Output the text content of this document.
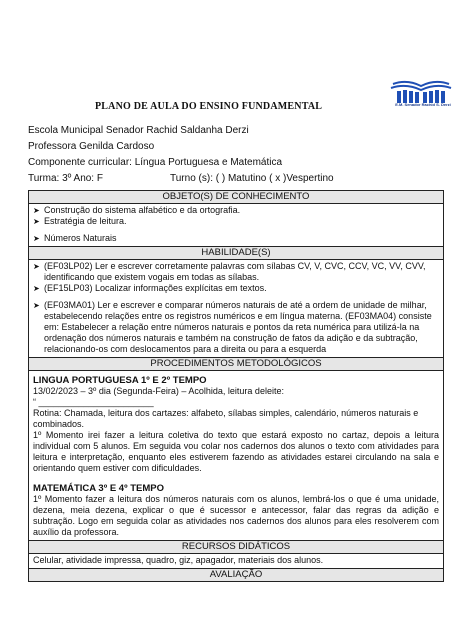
PLANO DE AULA DO ENSINO FUNDAMENTAL	E.M. Senador Rachid S. Derzi
Escola Municipal Senador Rachid Saldanha Derzi
Professora Genilda Cardoso
Componente curricular: Língua Portuguesa e Matemática
Turma: 3º Ano: F	Turno (s): ( ) Matutino ( x )Vespertino
OBJETO(S) DE CONHECIMENTO
➤ Construção do sistema alfabético e da ortografia.
➤ Estratégia de leitura.
➤ Números Naturais
HABILIDADE(S)
➤ (EF03LP02) Ler e escrever corretamente palavras com sílabas CV, V, CVC, CCV, VC, VV, CVV, identificando que existem vogais em todas as sílabas.
➤ (EF15LP03) Localizar informações explícitas em textos.
➤ (EF03MA01) Ler e escrever e comparar números naturais de até a ordem de unidade de milhar, estabelecendo relações entre os registros numéricos e em língua materna. (EF03MA04) consiste em: Estabelecer a relação entre números naturais e pontos da reta numérica para utilizá-la na ordenação dos números naturais e também na construção de fatos da adição e da subtração, relacionando-os com deslocamentos para a direita ou para a esquerda
PROCEDIMENTOS METODOLÓGICOS
LINGUA PORTUGUESA 1º E 2º TEMPO
13/02/2023 – 3º dia (Segunda-Feira) – Acolhida, leitura deleite:
“ _______________________
Rotina: Chamada, leitura dos cartazes: alfabeto, sílabas simples, calendário, números naturais e combinados.
1º Momento irei fazer a leitura coletiva do texto que estará exposto no cartaz, depois a leitura individual com 5 alunos. Em seguida vou colar nos cadernos dos alunos o texto com atividades para leitura e interpretação, enquanto eles estiverem fazendo as atividades estarei circulando na sala e orientando quem estiver com dificuldades.
MATEMÁTICA 3º E 4º TEMPO
1º Momento fazer a leitura dos números naturais com os alunos, lembrá-los o que é uma unidade, dezena, meia dezena, explicar o que é sucessor e antecessor, falar das regras da adição e subtração. Logo em seguida colar as atividades nos cadernos dos alunos para eles resolverem com auxílio da professora.
RECURSOS DIDÁTICOS
Celular, atividade impressa, quadro, giz, apagador, materiais dos alunos.
AVALIAÇÃO
